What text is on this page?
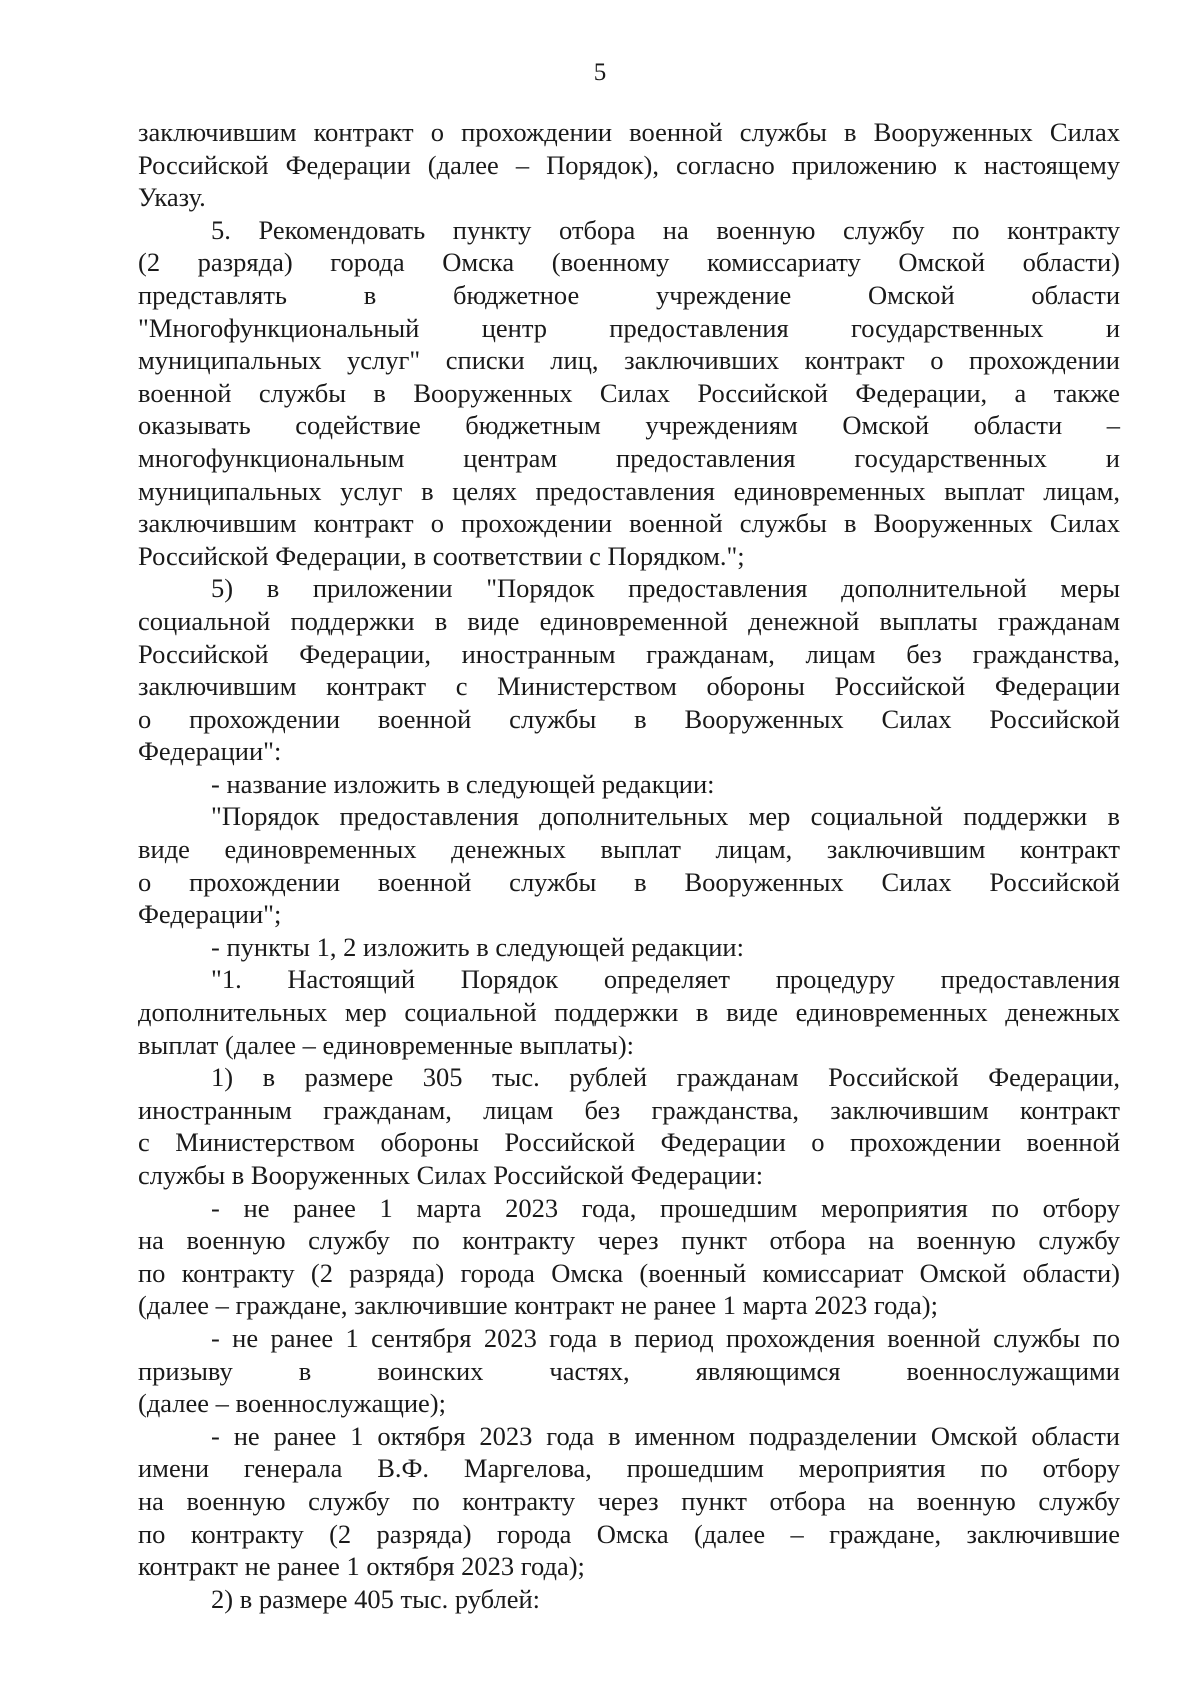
5
заключившим контракт о прохождении военной службы в Вооруженных Силах
Российской Федерации (далее – Порядок), согласно приложению к настоящему
Указу.
5. Рекомендовать пункту отбора на военную службу по контракту
(2 разряда) города Омска (военному комиссариату Омской области)
представлять в бюджетное учреждение Омской области
"Многофункциональный центр предоставления государственных и
муниципальных услуг" списки лиц, заключивших контракт о прохождении
военной службы в Вооруженных Силах Российской Федерации, а также
оказывать содействие бюджетным учреждениям Омской области –
многофункциональным центрам предоставления государственных и
муниципальных услуг в целях предоставления единовременных выплат лицам,
заключившим контракт о прохождении военной службы в Вооруженных Силах
Российской Федерации, в соответствии с Порядком.";
5) в приложении "Порядок предоставления дополнительной меры
социальной поддержки в виде единовременной денежной выплаты гражданам
Российской Федерации, иностранным гражданам, лицам без гражданства,
заключившим контракт с Министерством обороны Российской Федерации
о прохождении военной службы в Вооруженных Силах Российской
Федерации":
- название изложить в следующей редакции:
"Порядок предоставления дополнительных мер социальной поддержки в
виде единовременных денежных выплат лицам, заключившим контракт
о прохождении военной службы в Вооруженных Силах Российской
Федерации";
- пункты 1, 2 изложить в следующей редакции:
"1. Настоящий Порядок определяет процедуру предоставления
дополнительных мер социальной поддержки в виде единовременных денежных
выплат (далее – единовременные выплаты):
1) в размере 305 тыс. рублей гражданам Российской Федерации,
иностранным гражданам, лицам без гражданства, заключившим контракт
с Министерством обороны Российской Федерации о прохождении военной
службы в Вооруженных Силах Российской Федерации:
- не ранее 1 марта 2023 года, прошедшим мероприятия по отбору
на военную службу по контракту через пункт отбора на военную службу
по контракту (2 разряда) города Омска (военный комиссариат Омской области)
(далее – граждане, заключившие контракт не ранее 1 марта 2023 года);
- не ранее 1 сентября 2023 года в период прохождения военной службы по
призыву в воинских частях, являющимся военнослужащими
(далее – военнослужащие);
- не ранее 1 октября 2023 года в именном подразделении Омской области
имени генерала В.Ф. Маргелова, прошедшим мероприятия по отбору
на военную службу по контракту через пункт отбора на военную службу
по контракту (2 разряда) города Омска (далее – граждане, заключившие
контракт не ранее 1 октября 2023 года);
2) в размере 405 тыс. рублей:
